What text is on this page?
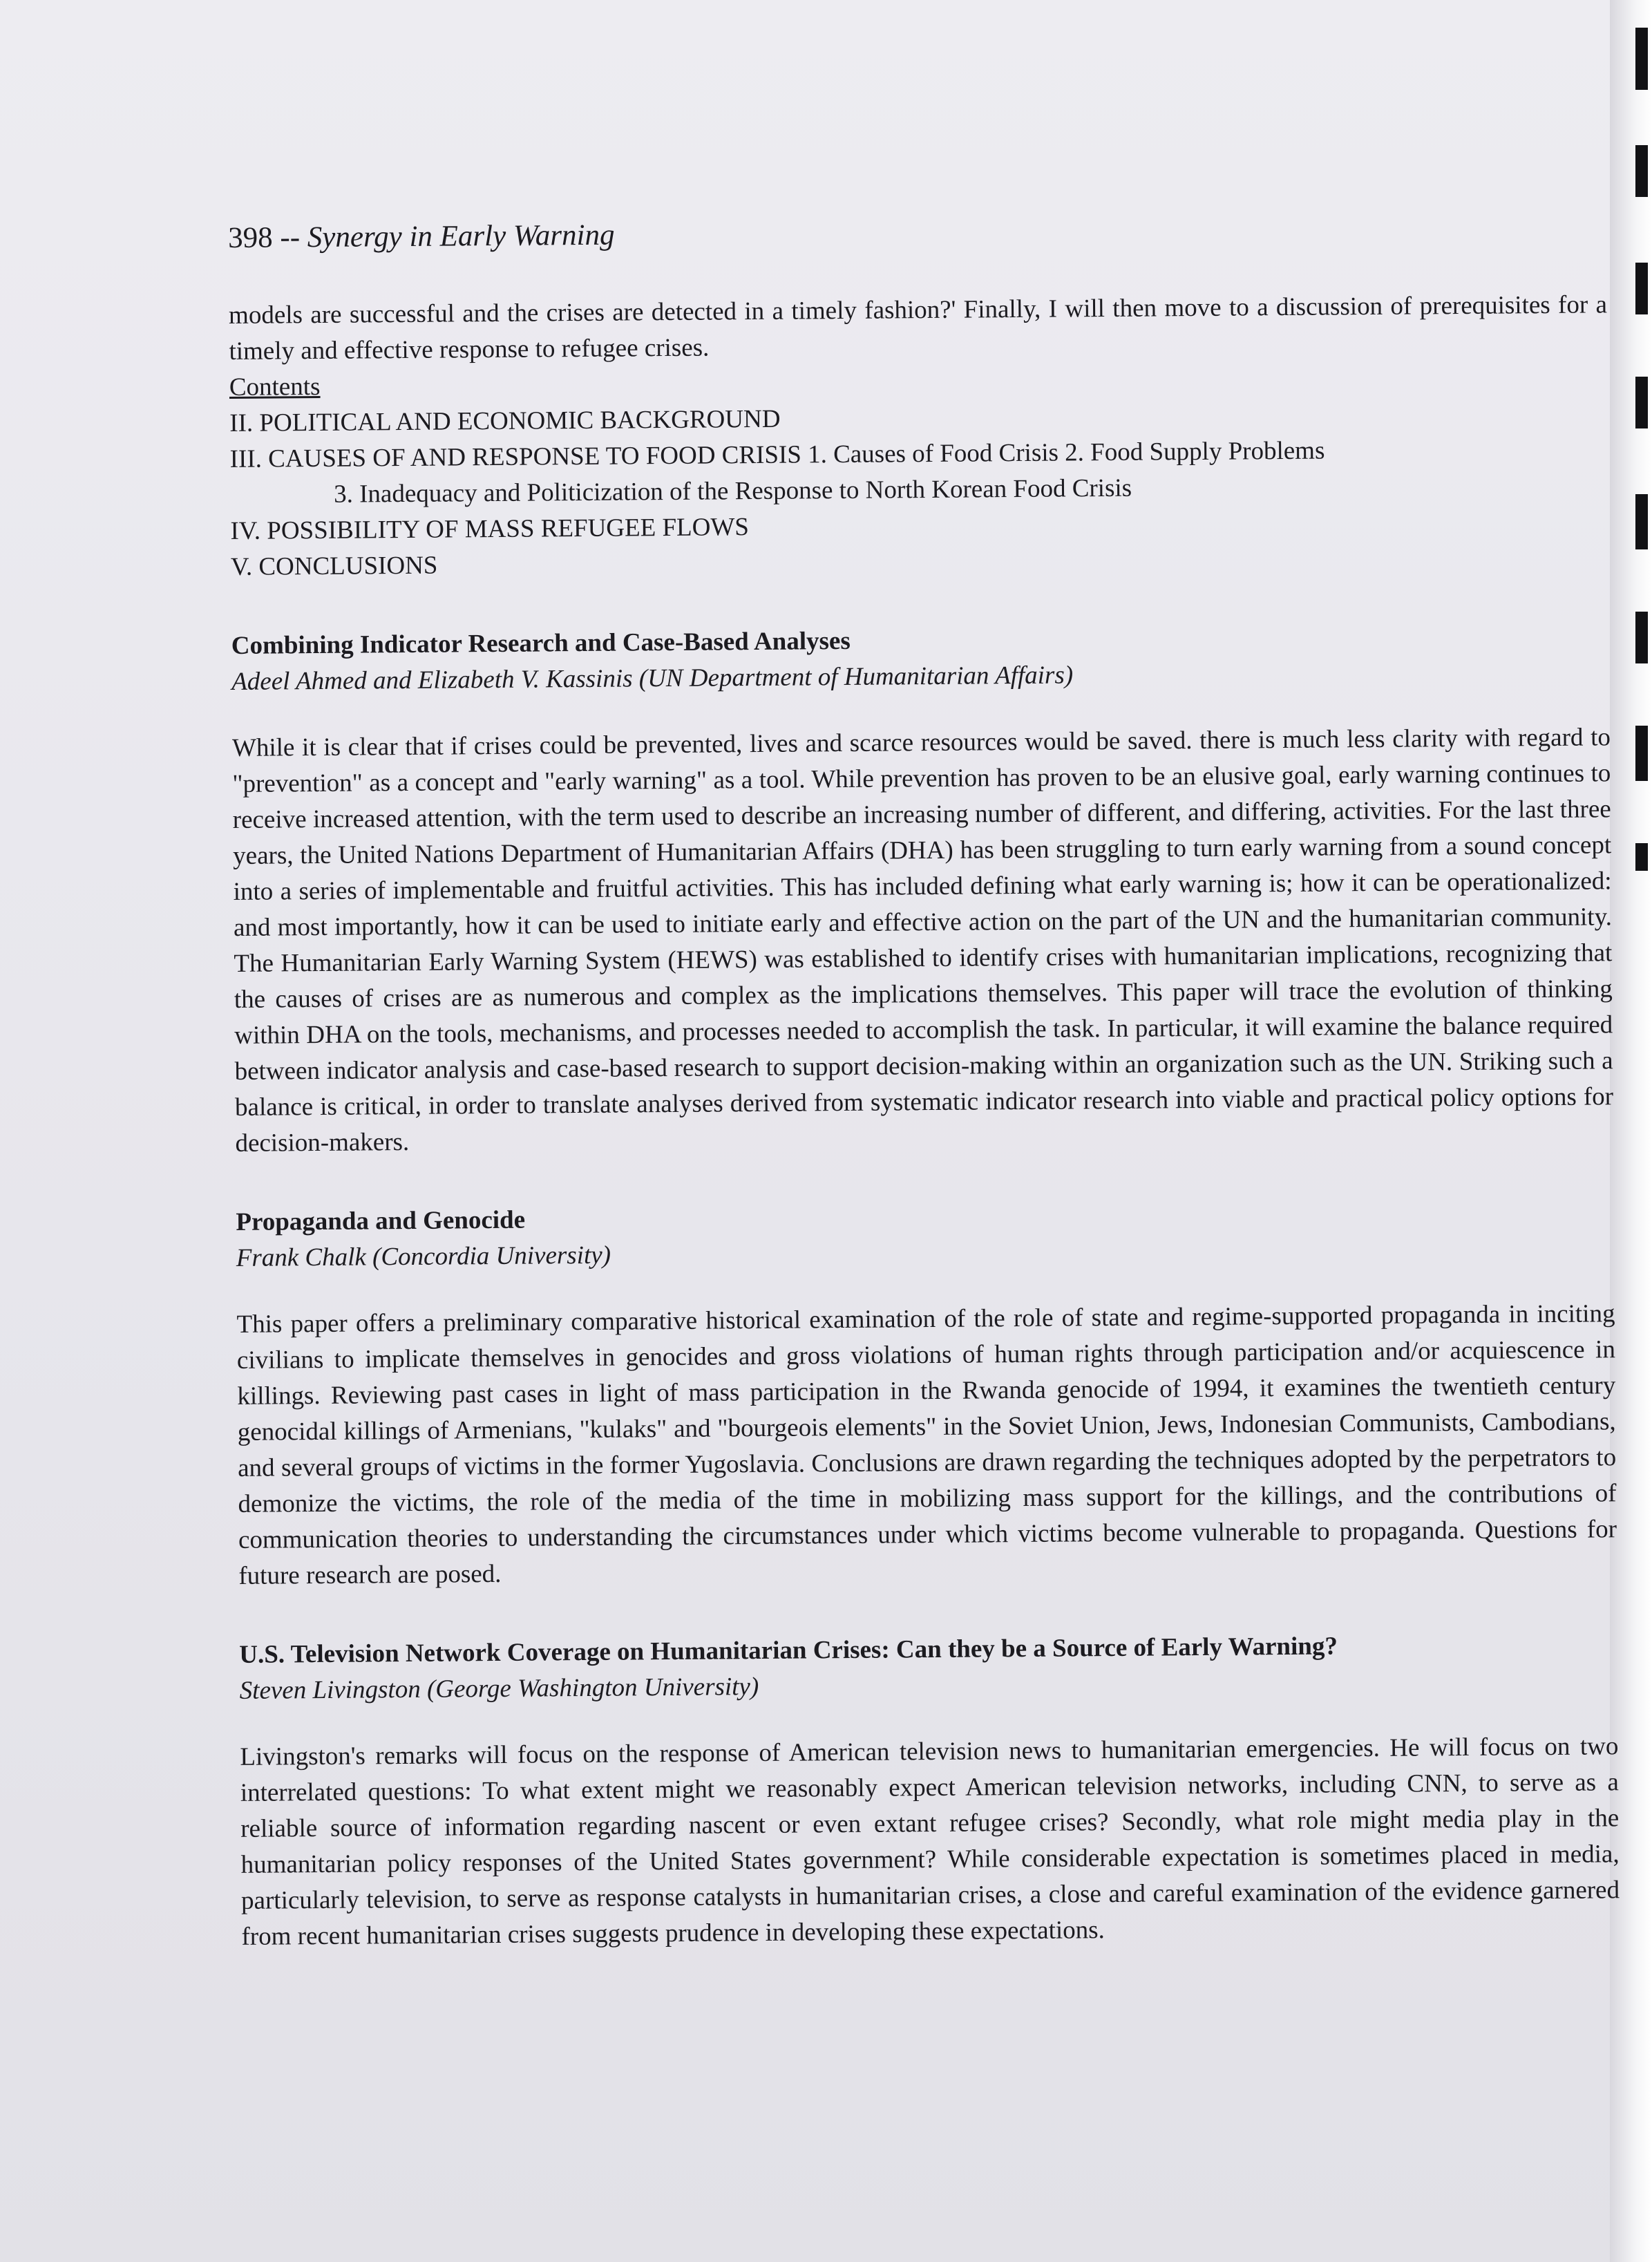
398 -- Synergy in Early Warning

models are successful and the crises are detected in a timely fashion?' Finally, I will then move to a discussion of prerequisites for a timely and effective response to refugee crises.

Contents
II. POLITICAL AND ECONOMIC BACKGROUND
III. CAUSES OF AND RESPONSE TO FOOD CRISIS 1. Causes of Food Crisis 2. Food Supply Problems
3. Inadequacy and Politicization of the Response to North Korean Food Crisis
IV. POSSIBILITY OF MASS REFUGEE FLOWS
V. CONCLUSIONS
Combining Indicator Research and Case-Based Analyses
Adeel Ahmed and Elizabeth V. Kassinis (UN Department of Humanitarian Affairs)

While it is clear that if crises could be prevented, lives and scarce resources would be saved. there is much less clarity with regard to "prevention" as a concept and "early warning" as a tool. While prevention has proven to be an elusive goal, early warning continues to receive increased attention, with the term used to describe an increasing number of different, and differing, activities. For the last three years, the United Nations Department of Humanitarian Affairs (DHA) has been struggling to turn early warning from a sound concept into a series of implementable and fruitful activities. This has included defining what early warning is; how it can be operationalized: and most importantly, how it can be used to initiate early and effective action on the part of the UN and the humanitarian community. The Humanitarian Early Warning System (HEWS) was established to identify crises with humanitarian implications, recognizing that the causes of crises are as numerous and complex as the implications themselves. This paper will trace the evolution of thinking within DHA on the tools, mechanisms, and processes needed to accomplish the task. In particular, it will examine the balance required between indicator analysis and case-based research to support decision-making within an organization such as the UN. Striking such a balance is critical, in order to translate analyses derived from systematic indicator research into viable and practical policy options for decision-makers.

Propaganda and Genocide
Frank Chalk (Concordia University)

This paper offers a preliminary comparative historical examination of the role of state and regime-supported propaganda in inciting civilians to implicate themselves in genocides and gross violations of human rights through participation and/or acquiescence in killings. Reviewing past cases in light of mass participation in the Rwanda genocide of 1994, it examines the twentieth century genocidal killings of Armenians, "kulaks" and "bourgeois elements" in the Soviet Union, Jews, Indonesian Communists, Cambodians, and several groups of victims in the former Yugoslavia. Conclusions are drawn regarding the techniques adopted by the perpetrators to demonize the victims, the role of the media of the time in mobilizing mass support for the killings, and the contributions of communication theories to understanding the circumstances under which victims become vulnerable to propaganda. Questions for future research are posed.

U.S. Television Network Coverage on Humanitarian Crises: Can they be a Source of Early Warning?
Steven Livingston (George Washington University)

Livingston's remarks will focus on the response of American television news to humanitarian emergencies. He will focus on two interrelated questions: To what extent might we reasonably expect American television networks, including CNN, to serve as a reliable source of information regarding nascent or even extant refugee crises? Secondly, what role might media play in the humanitarian policy responses of the United States government? While considerable expectation is sometimes placed in media, particularly television, to serve as response catalysts in humanitarian crises, a close and careful examination of the evidence garnered from recent humanitarian crises suggests prudence in developing these expectations.
